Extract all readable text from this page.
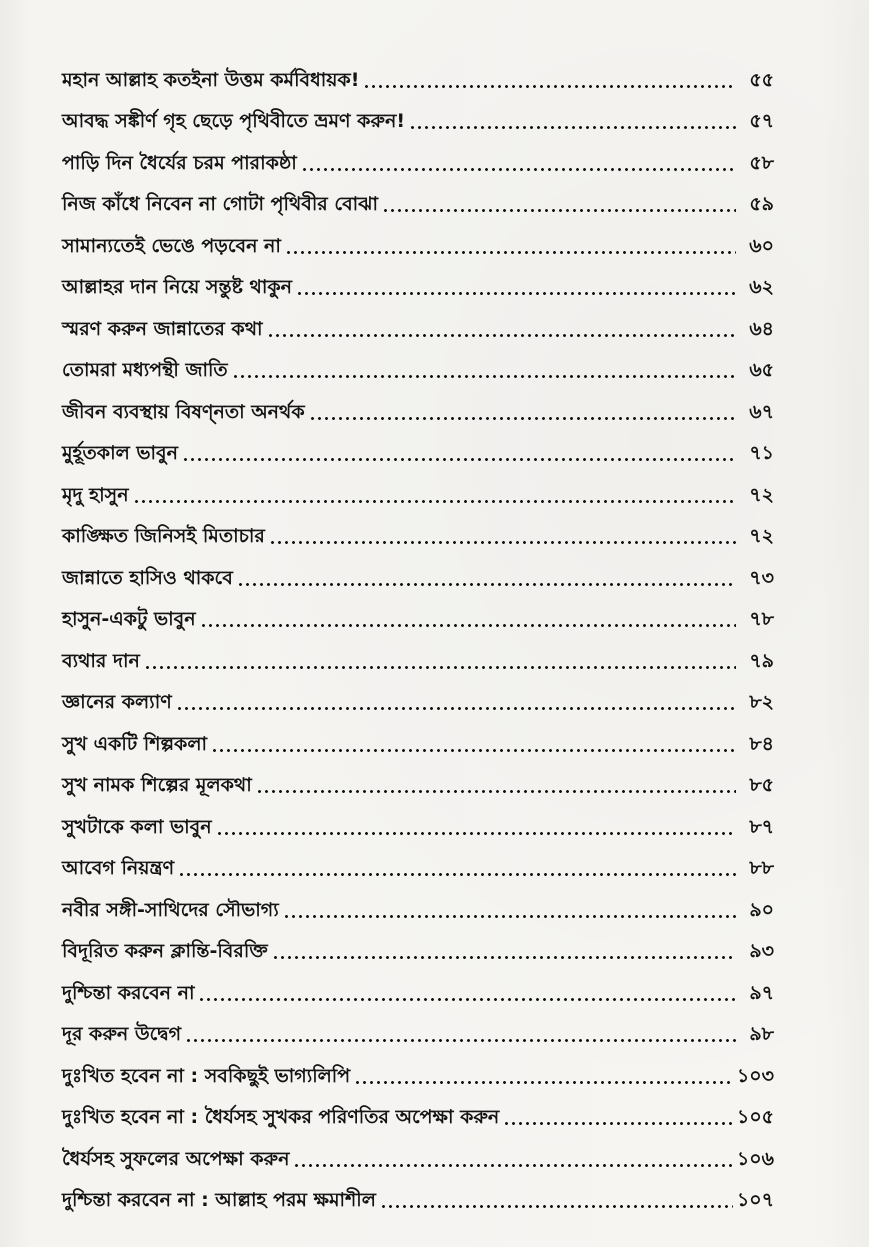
মহান আল্লাহ কতইনা উত্তম কর্মবিধায়ক!	৫৫
আবদ্ধ সঙ্কীর্ণ গৃহ ছেড়ে পৃথিবীতে ভ্রমণ করুন!	৫৭
পাড়ি দিন ধৈর্যের চরম পারাকষ্ঠা	৫৮
নিজ কাঁধে নিবেন না গোটা পৃথিবীর বোঝা	৫৯
সামান্যতেই ভেঙে পড়বেন না	৬০
আল্লাহর দান নিয়ে সন্তুষ্ট থাকুন	৬২
স্মরণ করুন জান্নাতের কথা	৬৪
তোমরা মধ্যপন্থী জাতি	৬৫
জীবন ব্যবস্থায় বিষণ্নতা অনর্থক	৬৭
মুর্হূতকাল ভাবুন	৭১
মৃদু হাসুন	৭২
কাঙ্ক্ষিত জিনিসই মিতাচার	৭২
জান্নাতে হাসিও থাকবে	৭৩
হাসুন-একটু ভাবুন	৭৮
ব্যথার দান	৭৯
জ্ঞানের কল্যাণ	৮২
সুখ একটি শিল্পকলা	৮৪
সুখ নামক শিল্পের মূলকথা	৮৫
সুখটাকে কলা ভাবুন	৮৭
আবেগ নিয়ন্ত্রণ	৮৮
নবীর সঙ্গী-সাথিদের সৌভাগ্য	৯০
বিদূরিত করুন ক্লান্তি-বিরক্তি	৯৩
দুশ্চিন্তা করবেন না	৯৭
দূর করুন উদ্বেগ	৯৮
দুঃখিত হবেন না : সবকিছুই ভাগ্যলিপি	১০৩
দুঃখিত হবেন না : ধৈর্যসহ সুখকর পরিণতির অপেক্ষা করুন	১০৫
ধৈর্যসহ সুফলের অপেক্ষা করুন	১০৬
দুশ্চিন্তা করবেন না : আল্লাহ পরম ক্ষমাশীল	১০৭
